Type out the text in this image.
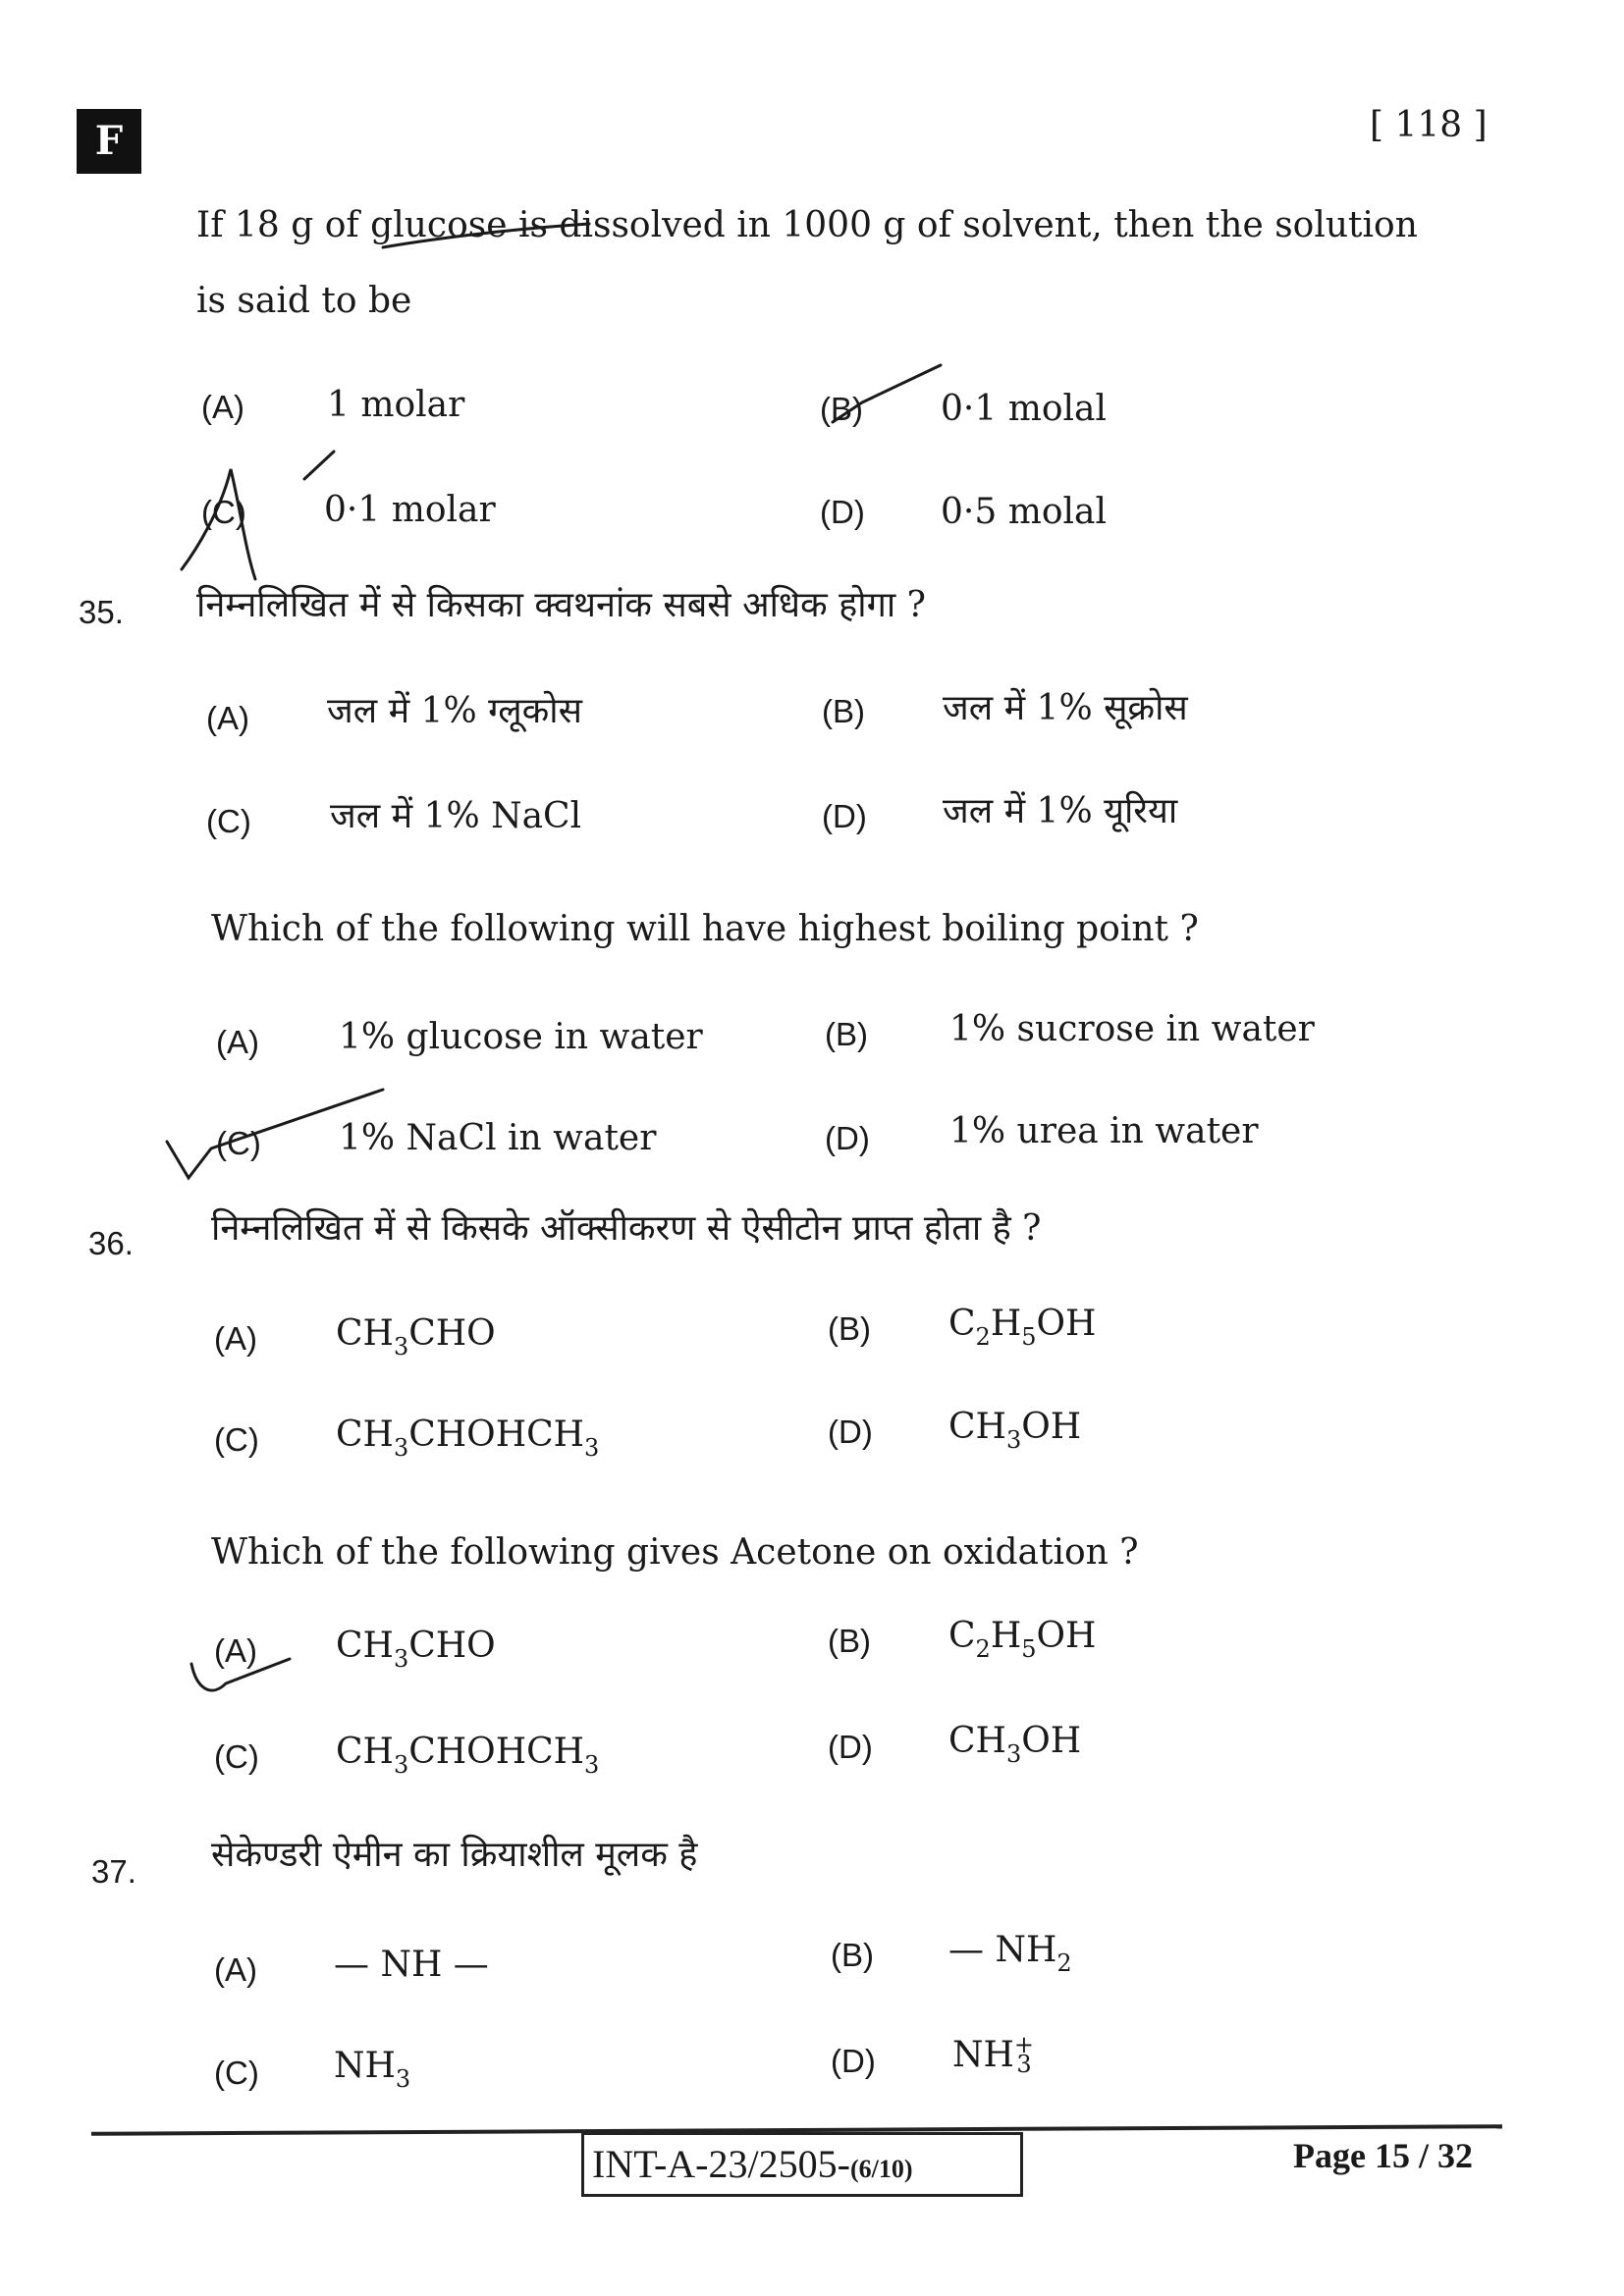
F	[ 118 ]
If 18 g of glucose is dissolved in 1000 g of solvent, then the solution
is said to be
(A) 1 molar	(B) 0·1 molal
(C) 0·1 molar	(D) 0·5 molal
35. निम्नलिखित में से किसका क्वथनांक सबसे अधिक होगा ?
(A) जल में 1% ग्लूकोस	(B) जल में 1% सूक्रोस
(C) जल में 1% NaCl	(D) जल में 1% यूरिया
Which of the following will have highest boiling point ?
(A) 1% glucose in water	(B) 1% sucrose in water
(C) 1% NaCl in water	(D) 1% urea in water
36. निम्नलिखित में से किसके ऑक्सीकरण से ऐसीटोन प्राप्त होता है ?
(A) $CH_3CHO$	(B) $C_2H_5OH$
(C) $CH_3CHOHCH_3$	(D) $CH_3OH$
Which of the following gives Acetone on oxidation ?
(A) $CH_3CHO$	(B) $C_2H_5OH$
(C) $CH_3CHOHCH_3$	(D) $CH_3OH$
37. सेकेण्डरी ऐमीन का क्रियाशील मूलक है
(A) — NH —	(B) — $NH_2$
(C) $NH_3$	(D) NH+
3
INT-A-23/2505-(6/10)	Page 15 / 32
